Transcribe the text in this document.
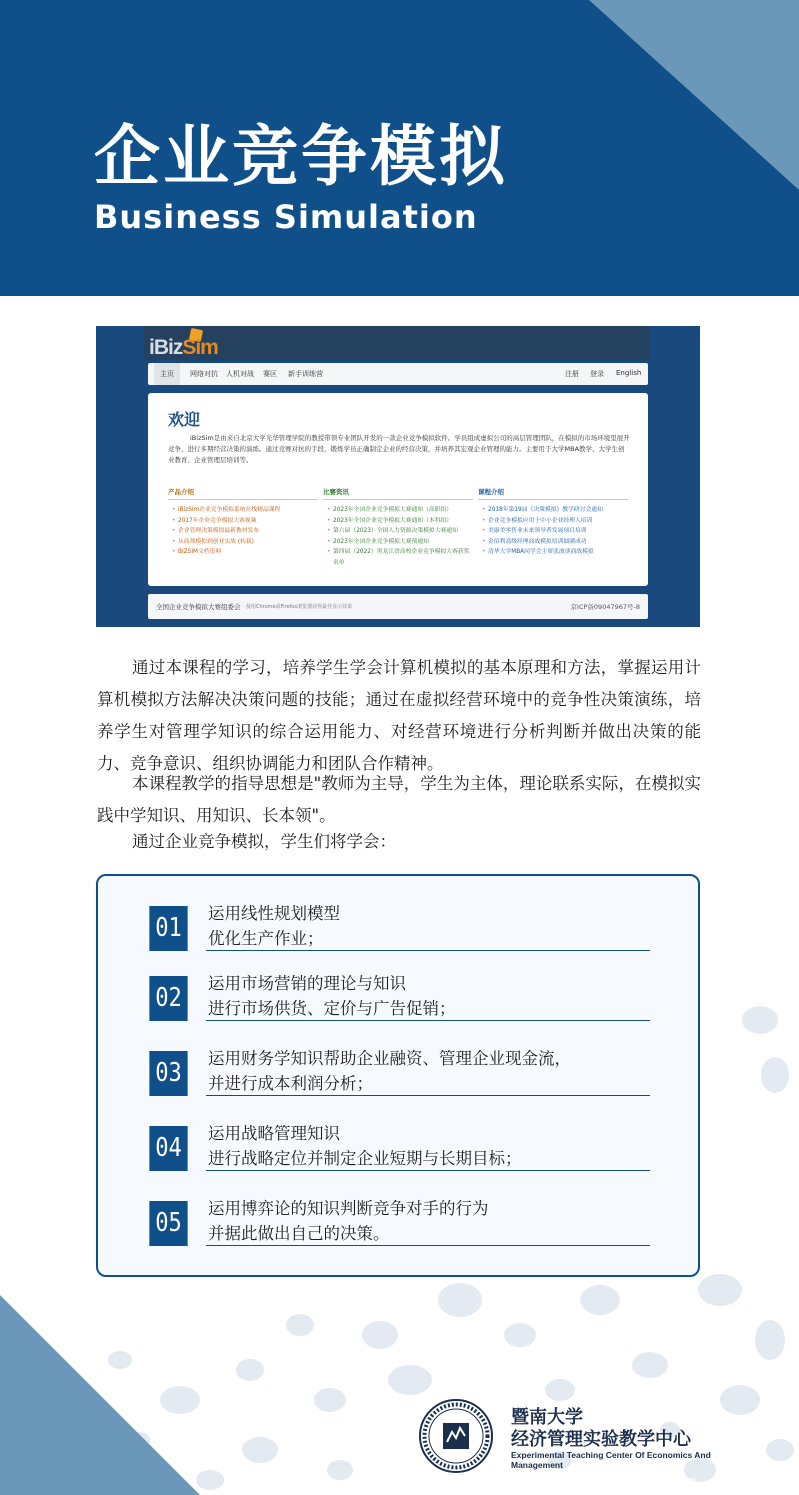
企业竞争模拟
Business Simulation
iBizSim
主页	网络对抗 人机对战 赛区 新手训练营	注册 登录 English
欢迎
iBizSim是由来自北京大学光华管理学院的教授带领专业团队开发的一款企业竞争模拟软件。学员组成虚拟公司的高层管理团队，在模拟的市场环境里展开竞争，进行多期经营决策的演练。通过竞赛对抗的手段，锻炼学员正确制定企业的经营决策，并培养其宏观企业管理的能力。主要用于大学MBA教学、大学生创业教育、企业管理层培训等。
产品介绍
• iBizSim企业竞争模拟系统在线精品课程
• 2017年企业竞争模拟大赛视频
• 企业管理决策模拟最新教材发布
• 从商战模拟到创业实战 (转载)
• BIZSIM文档资料
比赛资讯
• 2023年全国企业竞争模拟大赛通知（高职组）
• 2023年全国企业竞争模拟大赛通知（本科组）
• 第六届（2023）全国人力资源决策模拟大赛通知
• 2023年全国企业竞争模拟大赛预通知
• 第四届（2022）黑龙江省高校企业竞争模拟大赛获奖名单
课程介绍
• 2018年第19届《决策模拟》教学研讨会通知
• 企业竞争模拟应用于中小企业经理人培训
• 美康美零售业未来领导者发展项目培训
• 金佰利高级经理商战模拟培训圆满成功
• 清华大学MBA同学会主席张波谈商战模拟
全国企业竞争模拟大赛组委会 使用Chrome或Firefox浏览器获得最佳显示效果	京ICP备09047967号-8

通过本课程的学习，培养学生学会计算机模拟的基本原理和方法，掌握运用计算机模拟方法解决决策问题的技能；通过在虚拟经营环境中的竞争性决策演练，培养学生对管理学知识的综合运用能力、对经营环境进行分析判断并做出决策的能力、竞争意识、组织协调能力和团队合作精神。

本课程教学的指导思想是"教师为主导，学生为主体，理论联系实际，在模拟实践中学知识、用知识、长本领"。

通过企业竞争模拟，学生们将学会：

01	运用线性规划模型
优化生产作业；
02	运用市场营销的理论与知识
进行市场供货、定价与广告促销；
03	运用财务学知识帮助企业融资、管理企业现金流，
并进行成本利润分析；
04	运用战略管理知识
进行战略定位并制定企业短期与长期目标；
05	运用博弈论的知识判断竞争对手的行为
并据此做出自己的决策。
暨南大学
经济管理实验教学中心
Experimental Teaching Center Of Economics And Management
m.l.imp...
